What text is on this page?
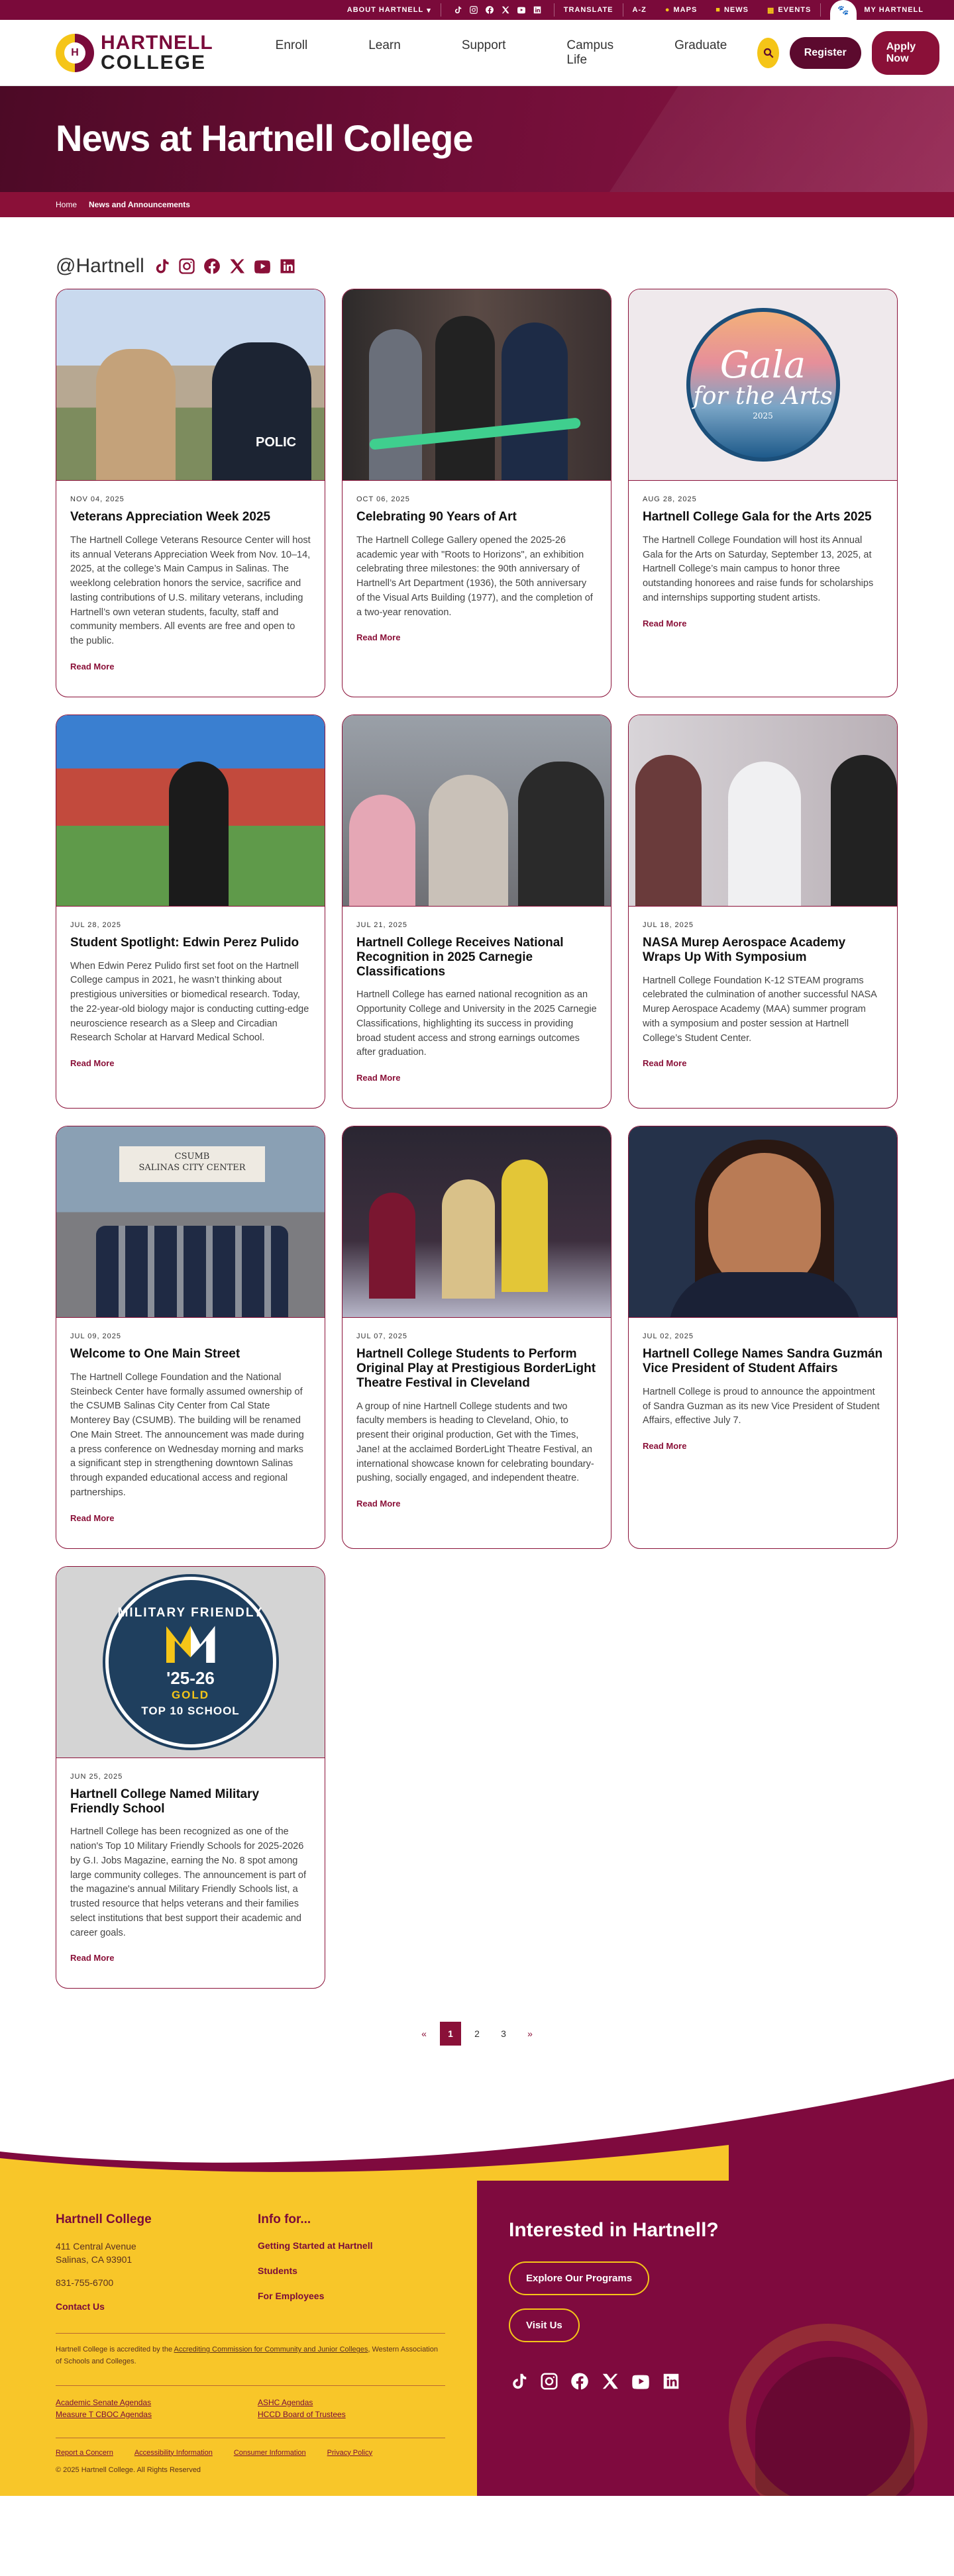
ABOUT HARTNELL ▾	TRANSLATE	A-Z	● MAPS	■ NEWS	▦ EVENTS	🐾	MY HARTNELL
H	HARTNELL
COLLEGE
Enroll	Learn	Support	Campus Life
Graduate
Register
Apply Now
News at Hartnell College
Home News and Announcements
@Hartnell
POLIC
NOV 04, 2025
Veterans Appreciation Week 2025

The Hartnell College Veterans Resource Center will host its annual Veterans Appreciation Week from Nov. 10–14, 2025, at the college’s Main Campus in Salinas. The weeklong celebration honors the service, sacrifice and lasting contributions of U.S. military veterans, including Hartnell’s own veteran students, faculty, staff and community members. All events are free and open to the public.

Read More
OCT 06, 2025
Celebrating 90 Years of Art

The Hartnell College Gallery opened the 2025-26 academic year with "Roots to Horizons", an exhibition celebrating three milestones: the 90th anniversary of Hartnell’s Art Department (1936), the 50th anniversary of the Visual Arts Building (1977), and the completion of a two-year renovation.

Read More
Gala
for the Arts
2025
AUG 28, 2025
Hartnell College Gala for the Arts 2025

The Hartnell College Foundation will host its Annual Gala for the Arts on Saturday, September 13, 2025, at Hartnell College’s main campus to honor three outstanding honorees and raise funds for scholarships and internships supporting student artists.

Read More
JUL 28, 2025
Student Spotlight: Edwin Perez Pulido

When Edwin Perez Pulido first set foot on the Hartnell College campus in 2021, he wasn’t thinking about prestigious universities or biomedical research. Today, the 22-year-old biology major is conducting cutting-edge neuroscience research as a Sleep and Circadian Research Scholar at Harvard Medical School.

Read More
JUL 21, 2025
Hartnell College Receives National Recognition in 2025 Carnegie Classifications

Hartnell College has earned national recognition as an Opportunity College and University in the 2025 Carnegie Classifications, highlighting its success in providing broad student access and strong earnings outcomes after graduation.

Read More
JUL 18, 2025
NASA Murep Aerospace Academy Wraps Up With Symposium

Hartnell College Foundation K-12 STEAM programs celebrated the culmination of another successful NASA Murep Aerospace Academy (MAA) summer program with a symposium and poster session at Hartnell College’s Student Center.

Read More
CSUMB
SALINAS CITY CENTER
JUL 09, 2025
Welcome to One Main Street

The Hartnell College Foundation and the National Steinbeck Center have formally assumed ownership of the CSUMB Salinas City Center from Cal State Monterey Bay (CSUMB). The building will be renamed One Main Street. The announcement was made during a press conference on Wednesday morning and marks a significant step in strengthening downtown Salinas through expanded educational access and regional partnerships.

Read More
JUL 07, 2025
Hartnell College Students to Perform Original Play at Prestigious BorderLight Theatre Festival in Cleveland

A group of nine Hartnell College students and two faculty members is heading to Cleveland, Ohio, to present their original production, Get with the Times, Jane! at the acclaimed BorderLight Theatre Festival, an international showcase known for celebrating boundary-pushing, socially engaged, and independent theatre.

Read More
JUL 02, 2025
Hartnell College Names Sandra Guzmán Vice President of Student Affairs

Hartnell College is proud to announce the appointment of Sandra Guzman as its new Vice President of Student Affairs, effective July 7.

Read More
MILITARY FRIENDLY
'25-26
GOLD
TOP 10 SCHOOL
JUN 25, 2025
Hartnell College Named Military Friendly School

Hartnell College has been recognized as one of the nation's Top 10 Military Friendly Schools for 2025-2026 by G.I. Jobs Magazine, earning the No. 8 spot among large community colleges. The announcement is part of the magazine's annual Military Friendly Schools list, a trusted resource that helps veterans and their families select institutions that best support their academic and career goals.

Read More
«	1	2	3	»
Hartnell College
411 Central Avenue
Salinas, CA 93901
831-755-6700
Contact Us
Info for...
Getting Started at Hartnell
Students
For Employees
Hartnell College is accredited by the Accrediting Commission for Community and Junior Colleges, Western Association of Schools and Colleges.
Academic Senate Agendas	ASHC Agendas
Measure T CBOC Agendas	HCCD Board of Trustees
Report a Concern	Accessibility Information	Consumer Information	Privacy Policy
© 2025 Hartnell College. All Rights Reserved
Interested in Hartnell?
Explore Our Programs
Visit Us
